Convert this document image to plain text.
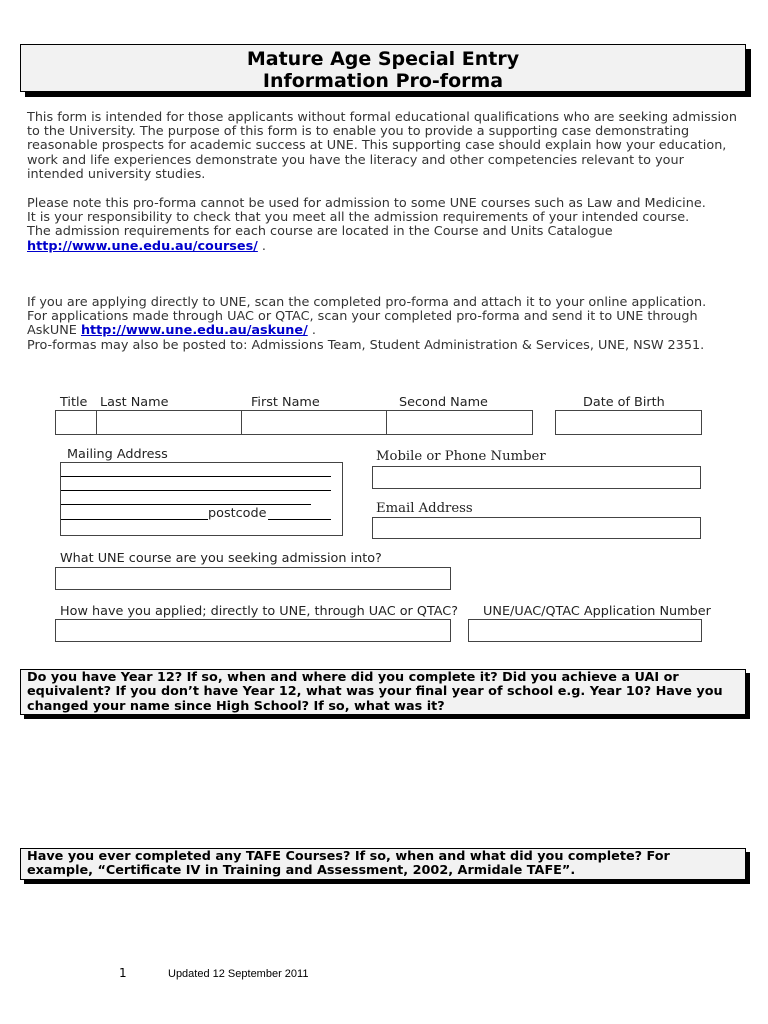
Mature Age Special Entry
Information Pro-forma
This form is intended for those applicants without formal educational qualifications who are seeking admission to the University. The purpose of this form is to enable you to provide a supporting case demonstrating reasonable prospects for academic success at UNE. This supporting case should explain how your education, work and life experiences demonstrate you have the literacy and other competencies relevant to your intended university studies.
Please note this pro-forma cannot be used for admission to some UNE courses such as Law and Medicine.
It is your responsibility to check that you meet all the admission requirements of your intended course.
The admission requirements for each course are located in the Course and Units Catalogue
http://www.une.edu.au/courses/ .
If you are applying directly to UNE, scan the completed pro-forma and attach it to your online application.
For applications made through UAC or QTAC, scan your completed pro-forma and send it to UNE through AskUNE http://www.une.edu.au/askune/ .
Pro-formas may also be posted to: Admissions Team, Student Administration & Services, UNE, NSW 2351.
Title Last Name	First Name	Second Name	Date of Birth
Mailing Address
postcode
Mobile or Phone Number
Email Address
What UNE course are you seeking admission into?
How have you applied; directly to UNE, through UAC or QTAC? UNE/UAC/QTAC Application Number
Do you have Year 12? If so, when and where did you complete it? Did you achieve a UAI or equivalent? If you don’t have Year 12, what was your final year of school e.g. Year 10? Have you changed your name since High School? If so, what was it?
Have you ever completed any TAFE Courses? If so, when and what did you complete? For example, “Certificate IV in Training and Assessment, 2002, Armidale TAFE”.
1	Updated 12 September 2011
